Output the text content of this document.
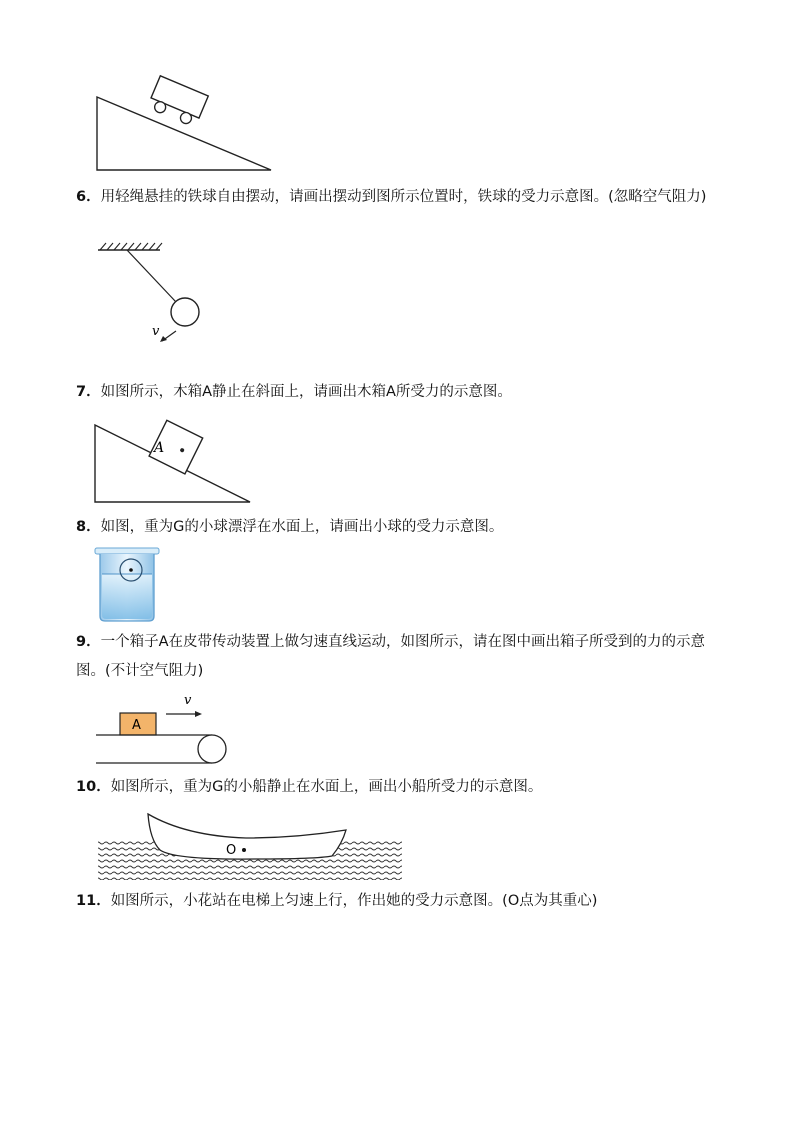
6．用轻绳悬挂的铁球自由摆动，请画出摆动到图所示位置时，铁球的受力示意图。(忽略空气阻力)

v

7．如图所示，木箱A静止在斜面上，请画出木箱A所受力的示意图。

A

8．如图，重为G的小球漂浮在水面上，请画出小球的受力示意图。

9．一个箱子A在皮带传动装置上做匀速直线运动，如图所示，请在图中画出箱子所受到的力的示意图。(不计空气阻力)

v
A

10．如图所示，重为G的小船静止在水面上，画出小船所受力的示意图。

O

11．如图所示，小花站在电梯上匀速上行，作出她的受力示意图。(O点为其重心)
